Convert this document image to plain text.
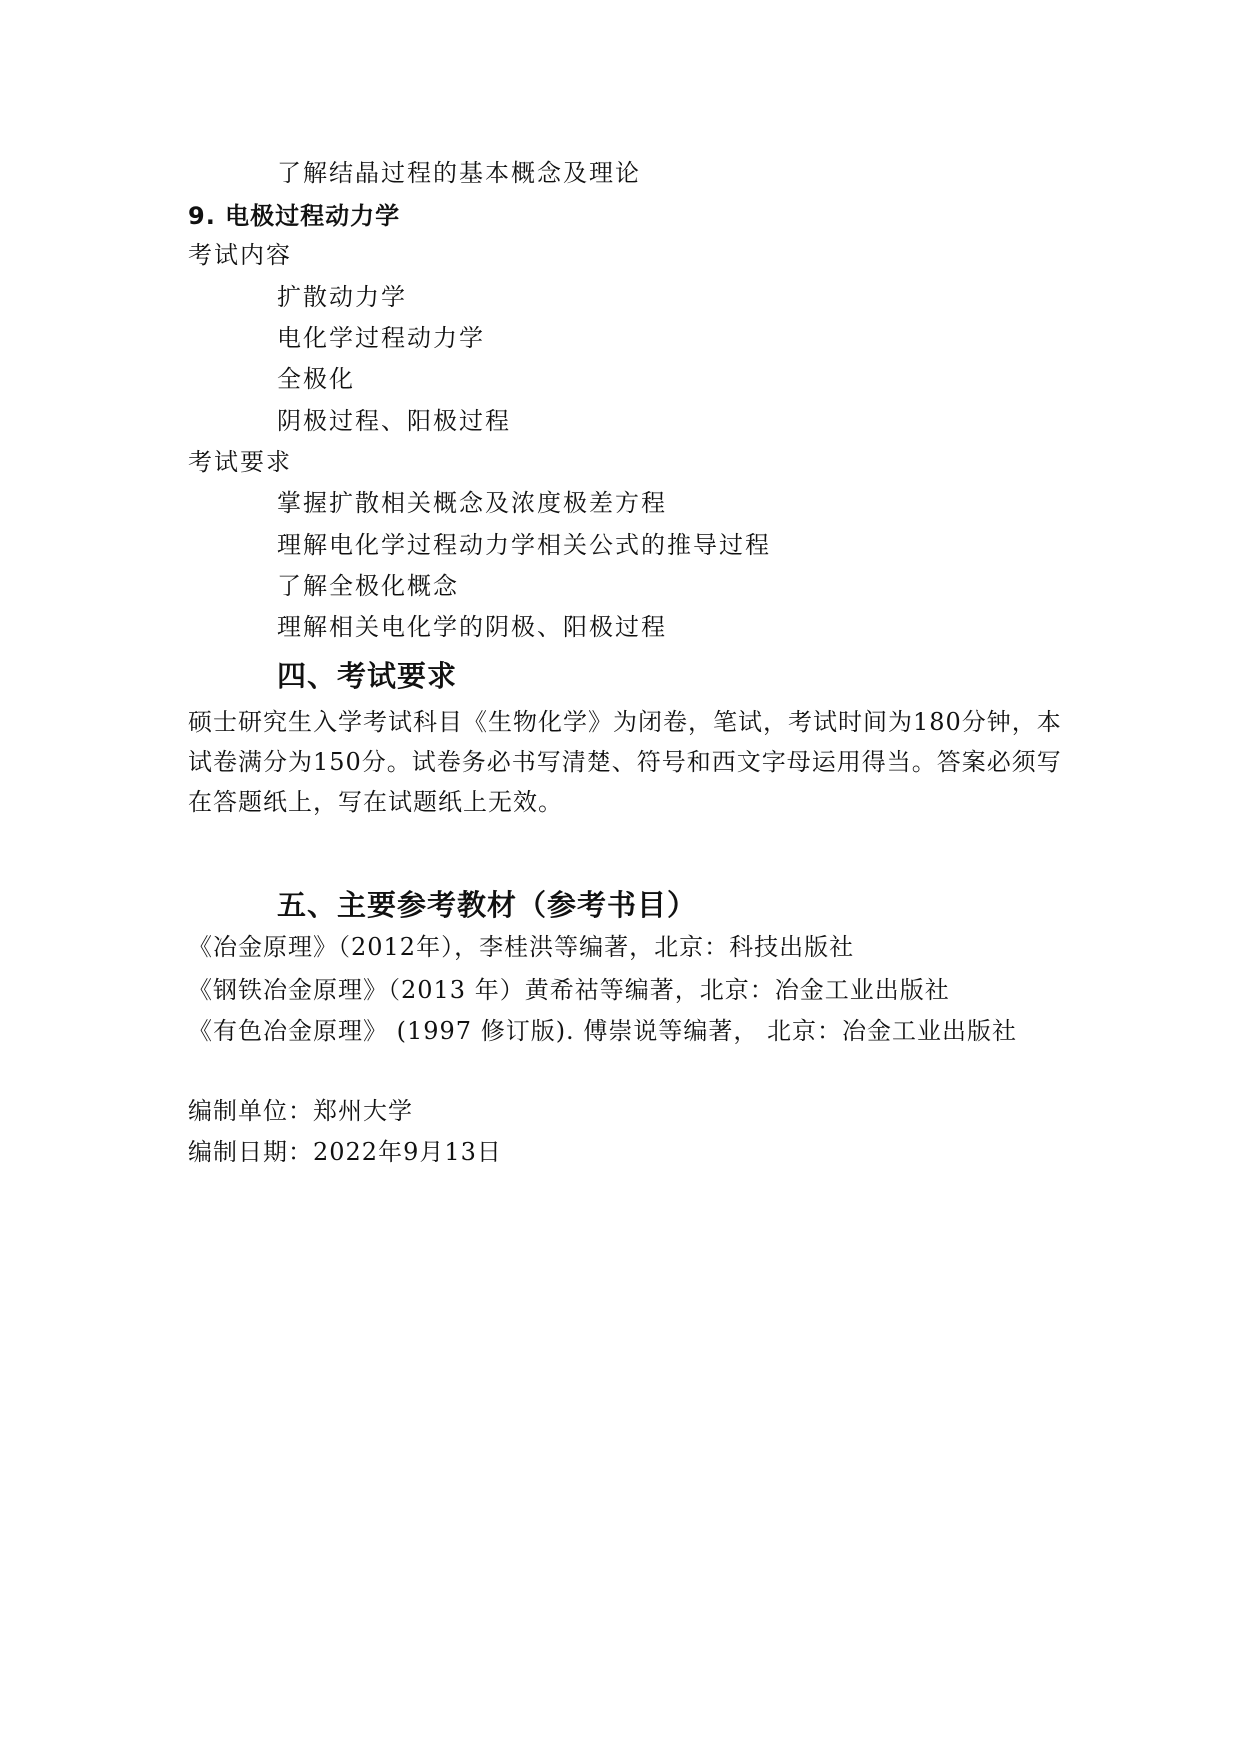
了解结晶过程的基本概念及理论
9. 电极过程动力学
考试内容
扩散动力学
电化学过程动力学
全极化
阴极过程、阳极过程
考试要求
掌握扩散相关概念及浓度极差方程
理解电化学过程动力学相关公式的推导过程
了解全极化概念
理解相关电化学的阴极、阳极过程
四、考试要求
硕士研究生入学考试科目《生物化学》为闭卷，笔试，考试时间为180分钟，本
试卷满分为150分。试卷务必书写清楚、符号和西文字母运用得当。答案必须写
在答题纸上，写在试题纸上无效。
五、主要参考教材（参考书目）
《冶金原理》（2012年），李桂洪等编著，北京：科技出版社
《钢铁冶金原理》（2013 年）黄希祜等编著，北京：冶金工业出版社
《有色冶金原理》 (1997 修订版). 傅崇说等编著， 北京：冶金工业出版社
编制单位：郑州大学
编制日期：2022年9月13日
